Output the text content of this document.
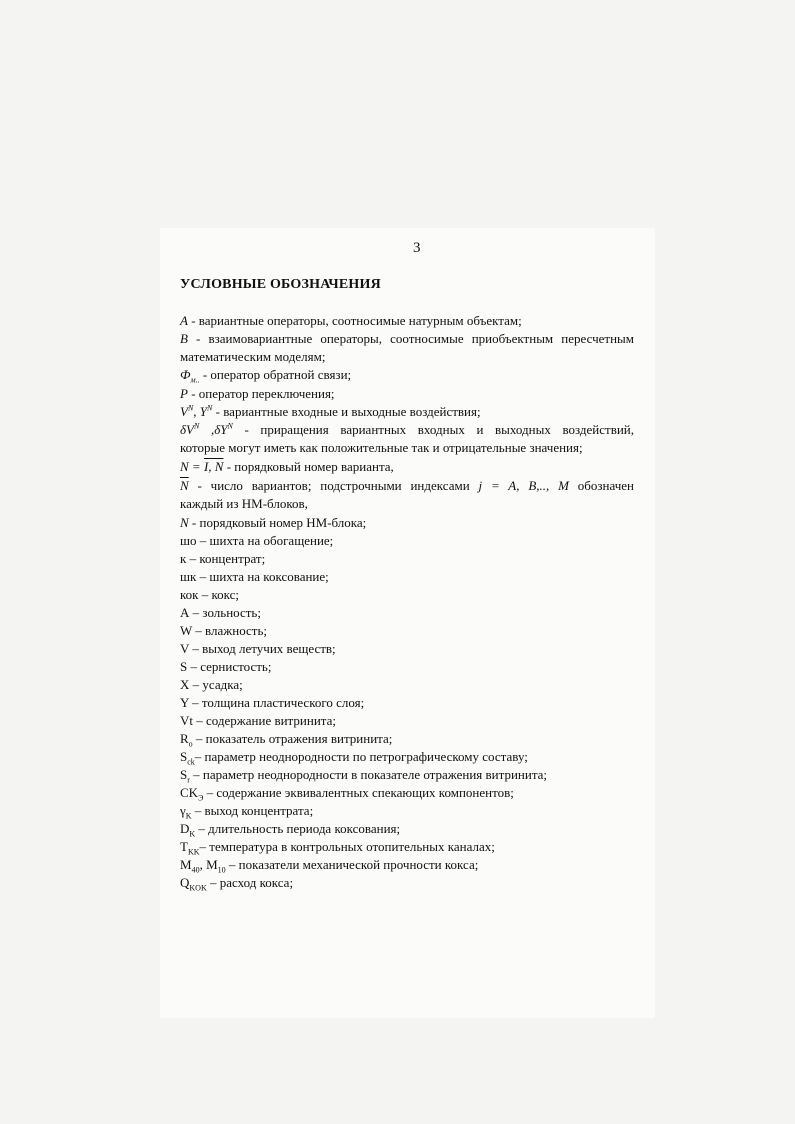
3
УСЛОВНЫЕ ОБОЗНАЧЕНИЯ
A - вариантные операторы, соотносимые натурным объектам;
B - взаимовариантные операторы, соотносимые приобъектным пересчетным
математическим моделям;
$Ф_{м..}$ - оператор обратной связи;
P - оператор переключения;
$V^N$, $Y^N$ - вариантные входные и выходные воздействия;
$\delta V^N$ $,\delta Y^N$ - приращения вариантных входных и выходных воздействий,
которые могут иметь как положительные так и отрицательные значения;
N = I, N - порядковый номер варианта,
$\overline{N}$ - число вариантов; подстрочными индексами j = A, B,.., M обозначен
каждый из НМ-блоков,
N - порядковый номер НМ-блока;
шо – шихта на обогащение;
к – концентрат;
шк – шихта на коксование;
кок – кокс;
А – зольность;
W – влажность;
V – выход летучих веществ;
S – сернистость;
X – усадка;
Y – толщина пластического слоя;
Vt – содержание витринита;
$R_o$ – показатель отражения витринита;
$S_{ck}-$ параметр неоднородности по петрографическому составу;
$S_r$ – параметр неоднородности в показателе отражения витринита;
$CK_Э$ – содержание эквивалентных спекающих компонентов;
$\gamma_K$ – выход концентрата;
$D_K$ – длительность периода коксования;
$T_{KK}-$ температура в контрольных отопительных каналах;
$M_{40}$, $M_{10}$ – показатели механической прочности кокса;
$Q_{KOK}$ – расход кокса;
